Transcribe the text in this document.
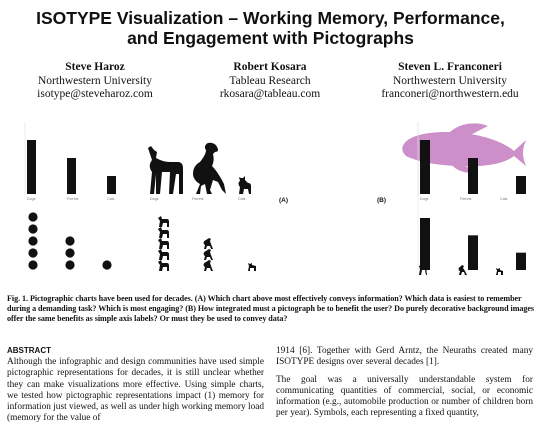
ISOTYPE Visualization – Working Memory, Performance,
and Engagement with Pictographs
Steve Haroz
Northwestern University
isotype@steveharoz.com
Robert Kosara
Tableau Research
rkosara@tableau.com
Steven L. Franconeri
Northwestern University
franconeri@northwestern.edu
Dogs	Ferrets	Cats	Dogs	Ferrets	Cats	Dogs	Ferrets	Cats
(A)	(B)

Fig. 1. Pictographic charts have been used for decades. (A) Which chart above most effectively conveys information? Which data is easiest to remember during a demanding task? Which is most engaging? (B) How integrated must a pictograph be to benefit the user? Do purely decorative background images offer the same benefits as simple axis labels? Or must they be used to convey data?

ABSTRACT

Although the infographic and design communities have used simple pictographic representations for decades, it is still unclear whether they can make visualizations more effective. Using simple charts, we tested how pictographic representations impact (1) memory for information just viewed, as well as under high working memory load (memory for the value of

1914 [6]. Together with Gerd Arntz, the Neuraths created many ISOTYPE designs over several decades [1].

The goal was a universally understandable system for communicating quantities of commercial, social, or economic information (e.g., automobile production or number of children born per year). Symbols, each representing a fixed quantity,
